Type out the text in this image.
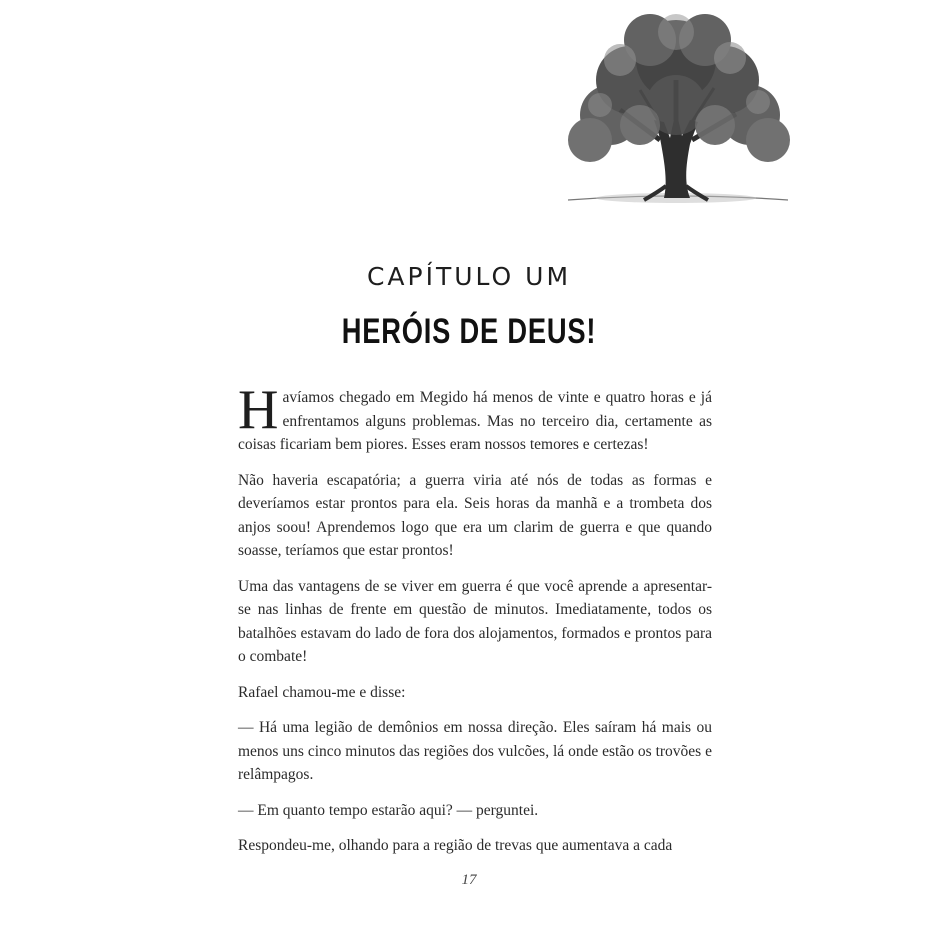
CAPÍTULO UM
HERÓIS DE DEUS!

Havíamos chegado em Megido há menos de vinte e quatro horas e já enfrentamos alguns problemas. Mas no terceiro dia, certamente as coisas ficariam bem piores. Esses eram nossos temores e certezas!

Não haveria escapatória; a guerra viria até nós de todas as formas e deveríamos estar prontos para ela. Seis horas da manhã e a trombeta dos anjos soou! Aprendemos logo que era um clarim de guerra e que quando soasse, teríamos que estar prontos!

Uma das vantagens de se viver em guerra é que você aprende a apresentar-se nas linhas de frente em questão de minutos. Imediatamente, todos os batalhões estavam do lado de fora dos alojamentos, formados e prontos para o combate!

Rafael chamou-me e disse:

— Há uma legião de demônios em nossa direção. Eles saíram há mais ou menos uns cinco minutos das regiões dos vulcões, lá onde estão os trovões e relâmpagos.

— Em quanto tempo estarão aqui? — perguntei.

Respondeu-me, olhando para a região de trevas que aumentava a cada

17
